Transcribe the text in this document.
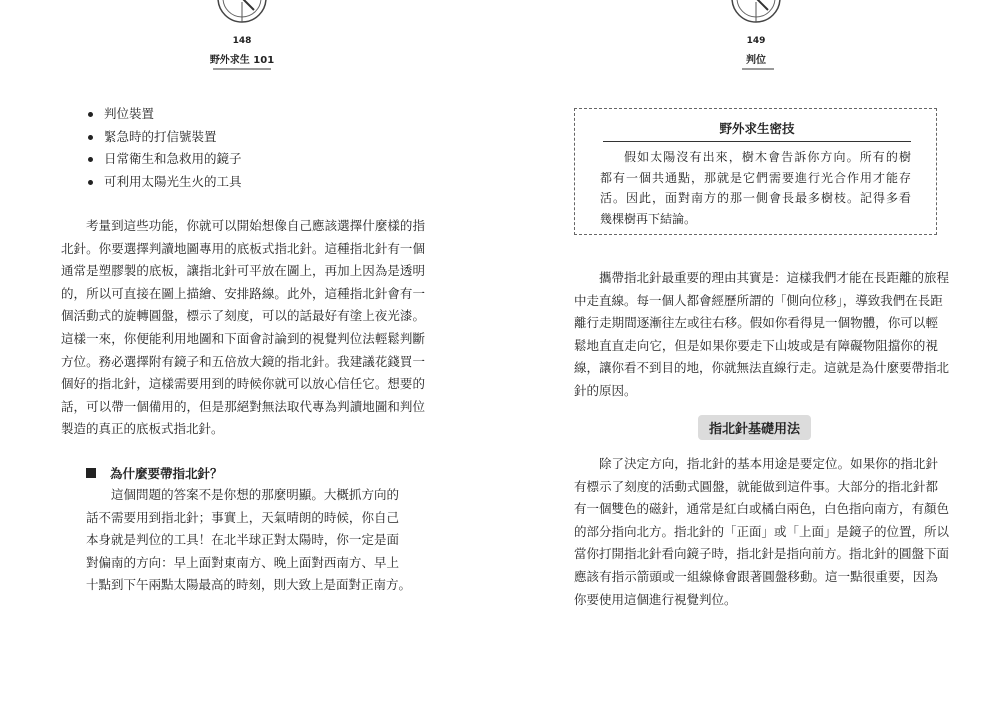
148
野外求生 101
判位裝置
緊急時的打信號裝置
日常衛生和急救用的鏡子
可利用太陽光生火的工具
考量到這些功能，你就可以開始想像自己應該選擇什麼樣的指
北針。你要選擇判讀地圖專用的底板式指北針。這種指北針有一個
通常是塑膠製的底板，讓指北針可平放在圖上，再加上因為是透明
的，所以可直接在圖上描繪、安排路線。此外，這種指北針會有一
個活動式的旋轉圓盤，標示了刻度，可以的話最好有塗上夜光漆。
這樣一來，你便能利用地圖和下面會討論到的視覺判位法輕鬆判斷
方位。務必選擇附有鏡子和五倍放大鏡的指北針。我建議花錢買一
個好的指北針，這樣需要用到的時候你就可以放心信任它。想要的
話，可以帶一個備用的，但是那絕對無法取代專為判讀地圖和判位
製造的真正的底板式指北針。
為什麼要帶指北針？
這個問題的答案不是你想的那麼明顯。大概抓方向的
話不需要用到指北針；事實上，天氣晴朗的時候，你自己
本身就是判位的工具！在北半球正對太陽時，你一定是面
對偏南的方向：早上面對東南方、晚上面對西南方、早上
十點到下午兩點太陽最高的時刻，則大致上是面對正南方。
149
判位
野外求生密技
假如太陽沒有出來，樹木會告訴你方向。所有的樹
都有一個共通點，那就是它們需要進行光合作用才能存
活。因此，面對南方的那一側會長最多樹枝。記得多看
幾棵樹再下結論。
攜帶指北針最重要的理由其實是：這樣我們才能在長距離的旅程
中走直線。每一個人都會經歷所謂的「側向位移」，導致我們在長距
離行走期間逐漸往左或往右移。假如你看得見一個物體，你可以輕
鬆地直直走向它，但是如果你要走下山坡或是有障礙物阻擋你的視
線，讓你看不到目的地，你就無法直線行走。這就是為什麼要帶指北
針的原因。
指北針基礎用法
除了決定方向，指北針的基本用途是要定位。如果你的指北針
有標示了刻度的活動式圓盤，就能做到這件事。大部分的指北針都
有一個雙色的磁針，通常是紅白或橘白兩色，白色指向南方，有顏色
的部分指向北方。指北針的「正面」或「上面」是鏡子的位置，所以
當你打開指北針看向鏡子時，指北針是指向前方。指北針的圓盤下面
應該有指示箭頭或一組線條會跟著圓盤移動。這一點很重要，因為
你要使用這個進行視覺判位。
